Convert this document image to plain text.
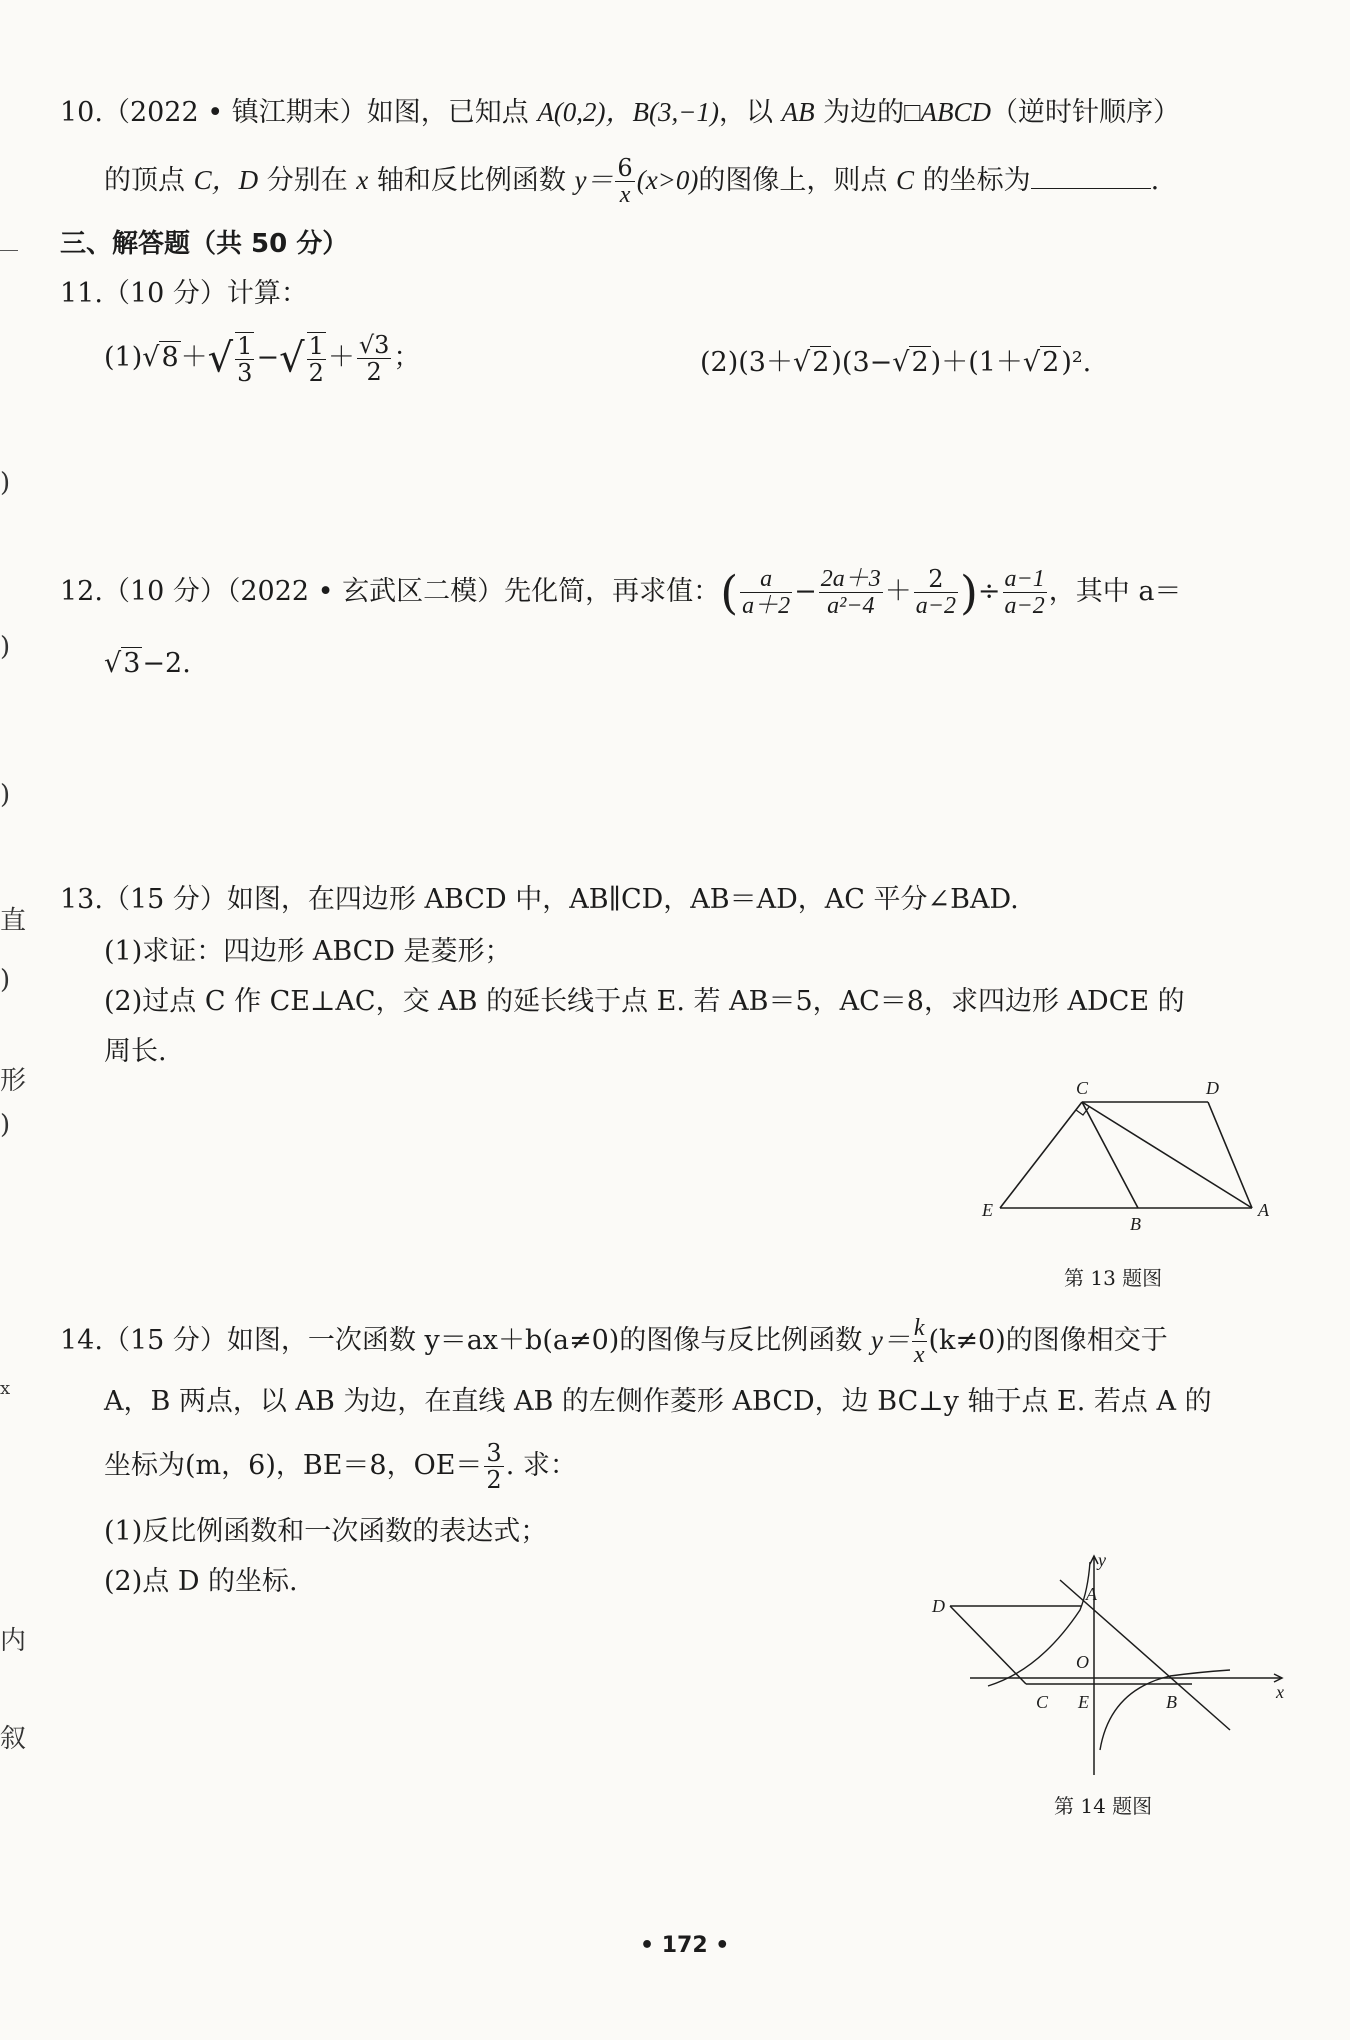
)
)
)
直
)
形
)
x
内
叙
10.（2022 • 镇江期末）如图，已知点 A(0,2)，B(3,−1)，以 AB 为边的□ABCD（逆时针顺序）
的顶点 C，D 分别在 x 轴和反比例函数 $y= \frac{6}{x} (x>0)$的图像上，则点 C 的坐标为	.
三、解答题（共 50 分）
11.（10 分）计算：
$(1)√8+√ \frac{1}{3}$ −√ $\frac{1}{2} + \frac{√3}{2}$ ；	(2)(3＋√2)(3−√2)＋(1＋√2)².
12.（10 分）（2022 • 玄武区二模）先化简，再求值：( $\frac{a}{a+2} - \frac{2a+3}{\text{a²−4}} + \frac{2}{a-2}$ )÷ $\frac{a-1}{a-2}$ ，其中 a＝
√3−2.
13.（15 分）如图，在四边形 ABCD 中，AB∥CD，AB＝AD，AC 平分∠BAD.
(1)求证：四边形 ABCD 是菱形；
(2)过点 C 作 CE⊥AC，交 AB 的延长线于点 E. 若 AB＝5，AC＝8，求四边形 ADCE 的
周长.
C	D
E
B
A
第 13 题图
14.（15 分）如图，一次函数 y＝ax＋b(a≠0)的图像与反比例函数 $y= \frac{k}{x} (k\ne 0)$的图像相交于
A，B 两点，以 AB 为边，在直线 AB 的左侧作菱形 ABCD，边 BC⊥y 轴于点 E. 若点 A 的
坐标为(m，6)，BE＝8，$OE= \frac{3}{2}$ . 求：
(1)反比例函数和一次函数的表达式；
(2)点 D 的坐标.
y
x
D
A
O
C E	B
第 14 题图
• 172 •
